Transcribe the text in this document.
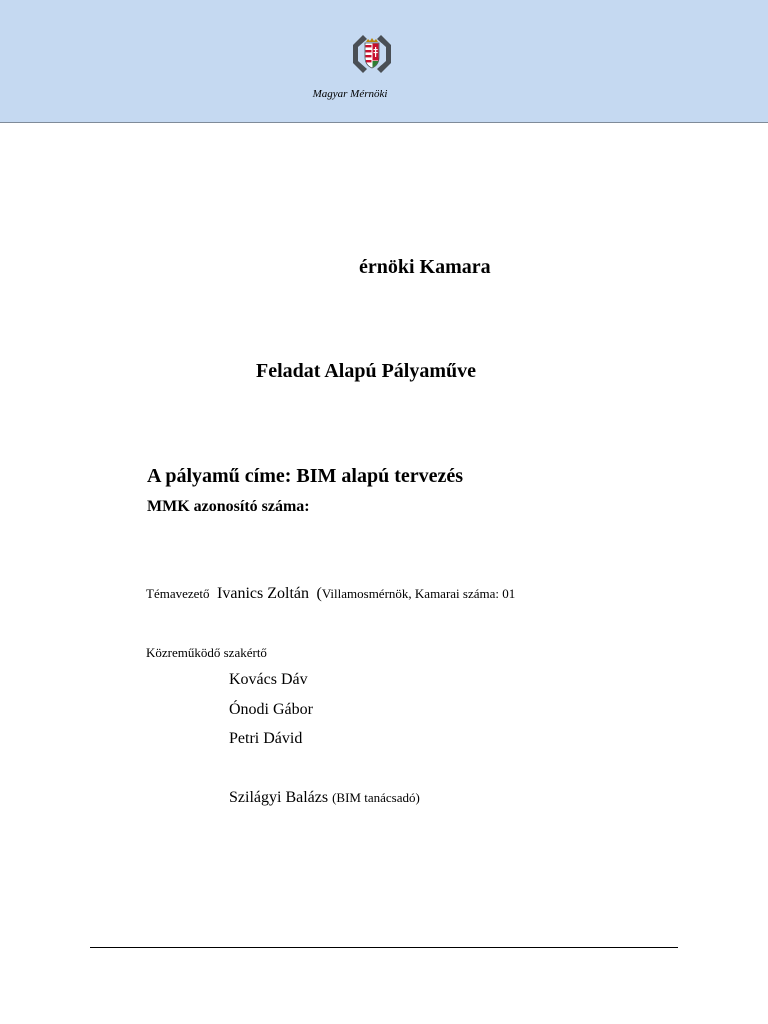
Magyar Mérnöki
érnöki Kamara
Feladat Alapú Pályaműve
A pályamű címe: BIM alapú tervezés
MMK azonosító száma:
Témavezető Ivanics Zoltán (Villamosmérnök, Kamarai száma: 01
Közreműködő szakértő
Kovács Dáv
Ónodi Gábor
Petri Dávid
Szilágyi Balázs (BIM tanácsadó)
